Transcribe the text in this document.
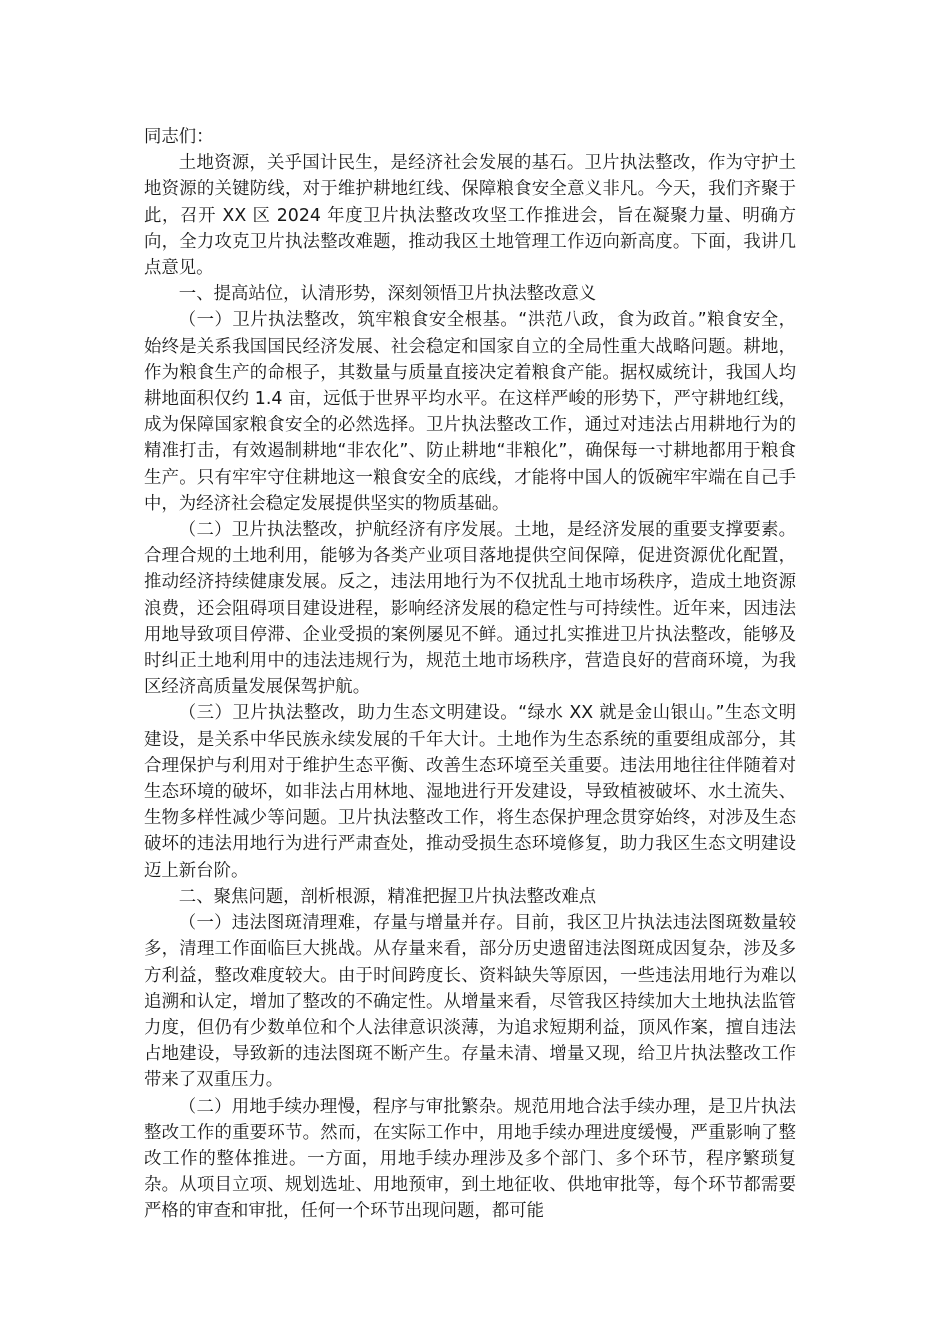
同志们：

土地资源，关乎国计民生，是经济社会发展的基石。卫片执法整改，作为守护土地资源的关键防线，对于维护耕地红线、保障粮食安全意义非凡。今天，我们齐聚于此，召开 XX 区 2024 年度卫片执法整改攻坚工作推进会，旨在凝聚力量、明确方向，全力攻克卫片执法整改难题，推动我区土地管理工作迈向新高度。下面，我讲几点意见。

一、提高站位，认清形势，深刻领悟卫片执法整改意义

（一）卫片执法整改，筑牢粮食安全根基。“洪范八政，食为政首。”粮食安全，始终是关系我国国民经济发展、社会稳定和国家自立的全局性重大战略问题。耕地，作为粮食生产的命根子，其数量与质量直接决定着粮食产能。据权威统计，我国人均耕地面积仅约 1.4 亩，远低于世界平均水平。在这样严峻的形势下，严守耕地红线，成为保障国家粮食安全的必然选择。卫片执法整改工作，通过对违法占用耕地行为的精准打击，有效遏制耕地“非农化”、防止耕地“非粮化”，确保每一寸耕地都用于粮食生产。只有牢牢守住耕地这一粮食安全的底线，才能将中国人的饭碗牢牢端在自己手中，为经济社会稳定发展提供坚实的物质基础。

（二）卫片执法整改，护航经济有序发展。土地，是经济发展的重要支撑要素。合理合规的土地利用，能够为各类产业项目落地提供空间保障，促进资源优化配置，推动经济持续健康发展。反之，违法用地行为不仅扰乱土地市场秩序，造成土地资源浪费，还会阻碍项目建设进程，影响经济发展的稳定性与可持续性。近年来，因违法用地导致项目停滞、企业受损的案例屡见不鲜。通过扎实推进卫片执法整改，能够及时纠正土地利用中的违法违规行为，规范土地市场秩序，营造良好的营商环境，为我区经济高质量发展保驾护航。

（三）卫片执法整改，助力生态文明建设。“绿水 XX 就是金山银山。”生态文明建设，是关系中华民族永续发展的千年大计。土地作为生态系统的重要组成部分，其合理保护与利用对于维护生态平衡、改善生态环境至关重要。违法用地往往伴随着对生态环境的破坏，如非法占用林地、湿地进行开发建设，导致植被破坏、水土流失、生物多样性减少等问题。卫片执法整改工作，将生态保护理念贯穿始终，对涉及生态破坏的违法用地行为进行严肃查处，推动受损生态环境修复，助力我区生态文明建设迈上新台阶。

二、聚焦问题，剖析根源，精准把握卫片执法整改难点

（一）违法图斑清理难，存量与增量并存。目前，我区卫片执法违法图斑数量较多，清理工作面临巨大挑战。从存量来看，部分历史遗留违法图斑成因复杂，涉及多方利益，整改难度较大。由于时间跨度长、资料缺失等原因，一些违法用地行为难以追溯和认定，增加了整改的不确定性。从增量来看，尽管我区持续加大土地执法监管力度，但仍有少数单位和个人法律意识淡薄，为追求短期利益，顶风作案，擅自违法占地建设，导致新的违法图斑不断产生。存量未清、增量又现，给卫片执法整改工作带来了双重压力。

（二）用地手续办理慢，程序与审批繁杂。规范用地合法手续办理，是卫片执法整改工作的重要环节。然而，在实际工作中，用地手续办理进度缓慢，严重影响了整改工作的整体推进。一方面，用地手续办理涉及多个部门、多个环节，程序繁琐复杂。从项目立项、规划选址、用地预审，到土地征收、供地审批等，每个环节都需要严格的审查和审批，任何一个环节出现问题，都可能
